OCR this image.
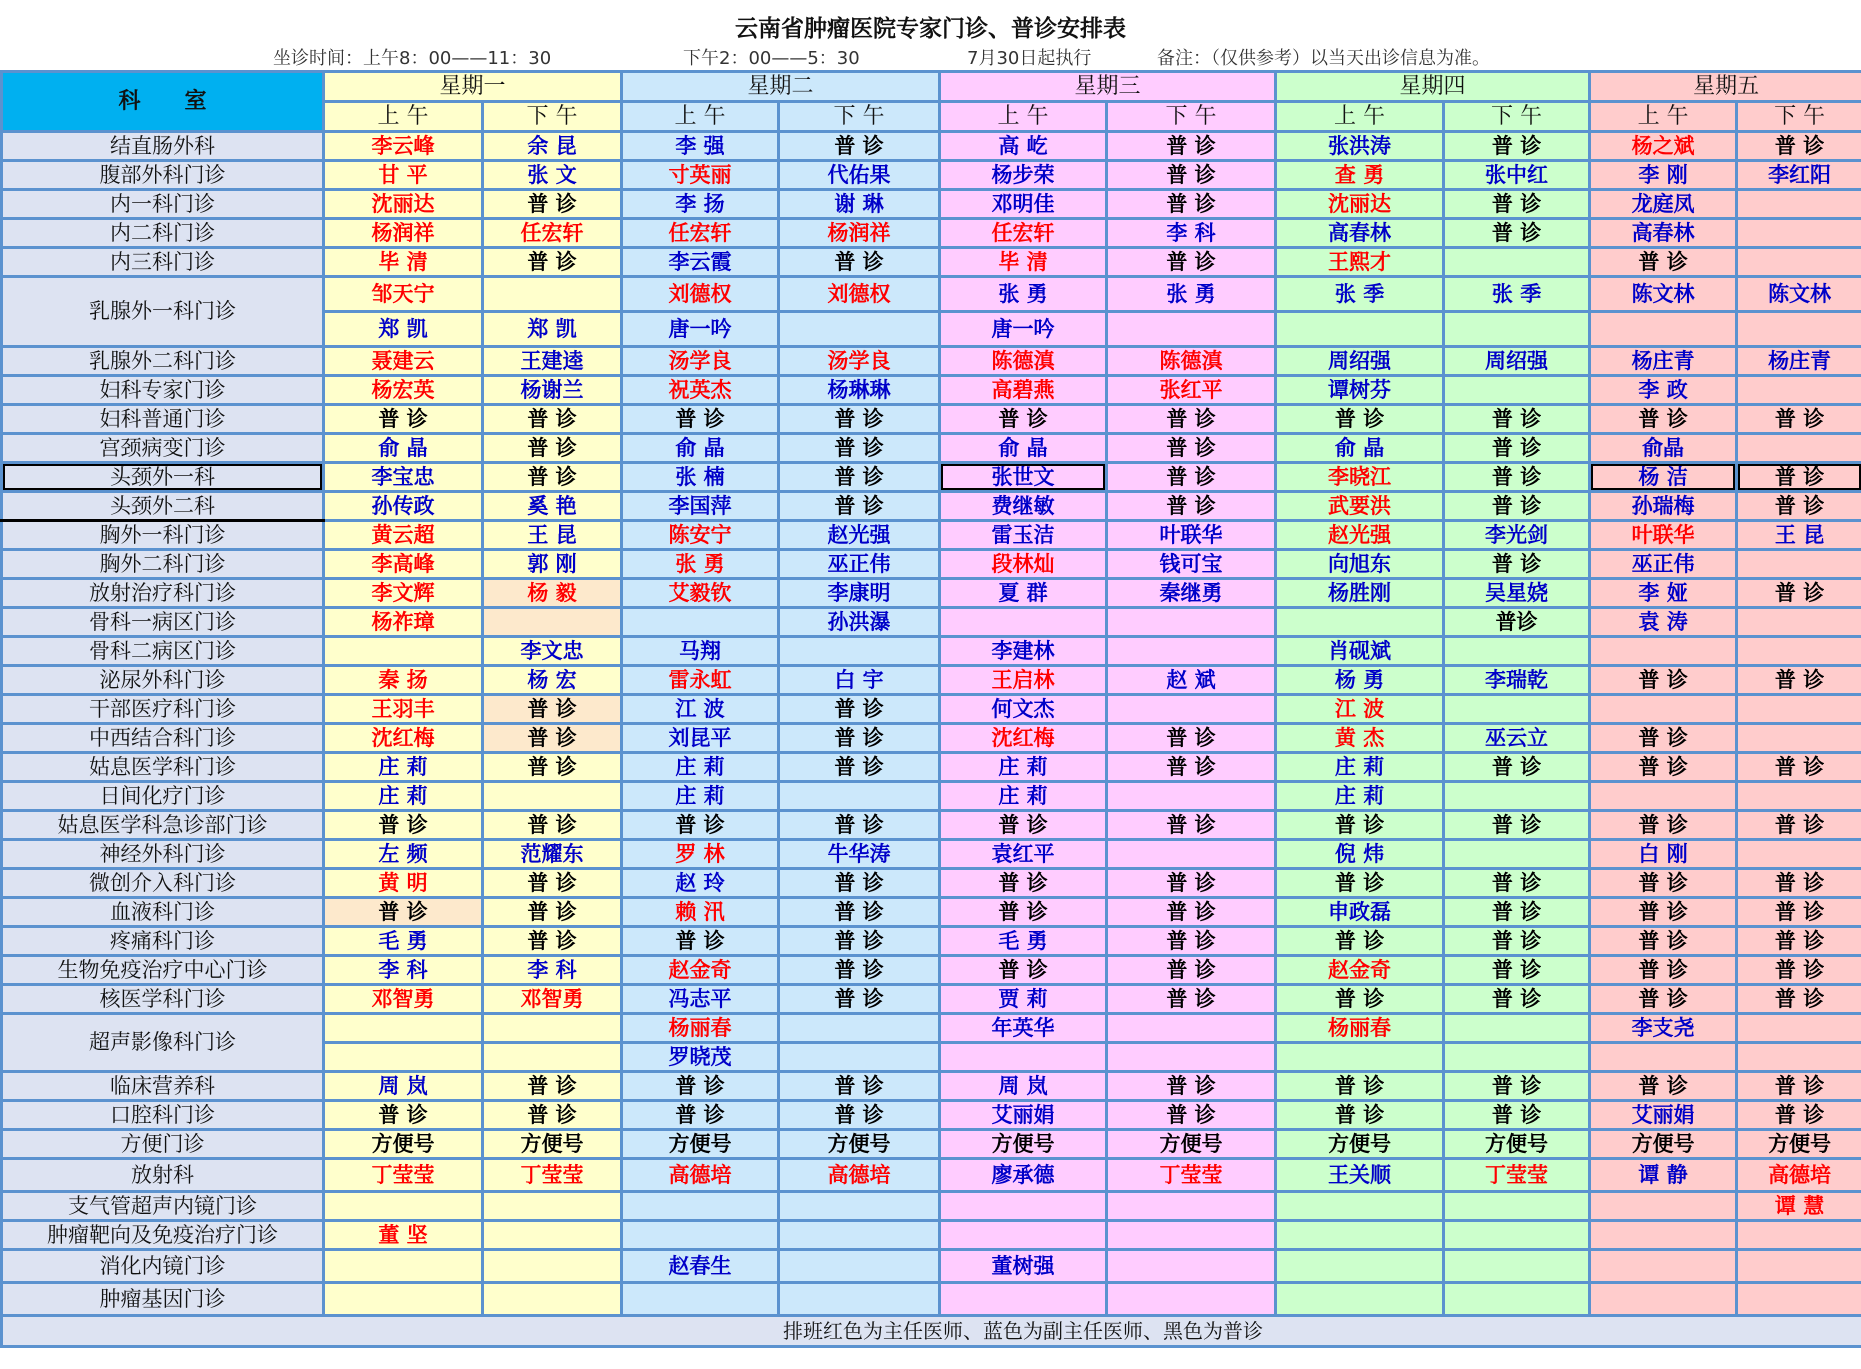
云南省肿瘤医院专家门诊、普诊安排表
坐诊时间：上午8：00——11：30	下午2：00——5：30	7月30日起执行	备注：（仅供参考）以当天出诊信息为准。
科　　室	星期一		星期二		星期三		星期四		星期五	
	上 午	下 午	上 午	下 午	上 午	下 午	上 午	下 午	上 午	下 午
结直肠外科	李云峰	余 昆	李 强	普 诊	高 屹	普 诊	张洪涛	普 诊	杨之斌	普 诊
腹部外科门诊	甘 平	张 文	寸英丽	代佑果	杨步荣	普 诊	查 勇	张中红	李 刚	李红阳
内一科门诊	沈丽达	普 诊	李 扬	谢 琳	邓明佳	普 诊	沈丽达	普 诊	龙庭凤	
内二科门诊	杨润祥	任宏轩	任宏轩	杨润祥	任宏轩	李 科	高春林	普 诊	高春林	
内三科门诊	毕 清	普 诊	李云霞	普 诊	毕 清	普 诊	王熙才		普 诊	
乳腺外一科门诊	邹天宁		刘德权	刘德权	张 勇	张 勇	张 季	张 季	陈文林	陈文林
	郑 凯	郑 凯	唐一吟		唐一吟					
乳腺外二科门诊	聂建云	王建逵	汤学良	汤学良	陈德滇	陈德滇	周绍强	周绍强	杨庄青	杨庄青
妇科专家门诊	杨宏英	杨谢兰	祝英杰	杨琳琳	高碧燕	张红平	谭树芬		李 政	
妇科普通门诊	普 诊	普 诊	普 诊	普 诊	普 诊	普 诊	普 诊	普 诊	普 诊	普 诊
宫颈病变门诊	俞 晶	普 诊	俞 晶	普 诊	俞 晶	普 诊	俞 晶	普 诊	俞晶	
头颈外一科	李宝忠	普 诊	张 楠	普 诊	张世文	普 诊	李晓江	普 诊	杨 洁	普 诊
头颈外二科	孙传政	奚 艳	李国萍	普 诊	费继敏	普 诊	武要洪	普 诊	孙瑞梅	普 诊
胸外一科门诊	黄云超	王 昆	陈安宁	赵光强	雷玉洁	叶联华	赵光强	李光剑	叶联华	王 昆
胸外二科门诊	李高峰	郭 刚	张 勇	巫正伟	段林灿	钱可宝	向旭东	普 诊	巫正伟	
放射治疗科门诊	李文辉	杨 毅	艾毅钦	李康明	夏 群	秦继勇	杨胜刚	吴星娆	李 娅	普 诊
骨科一病区门诊	杨祚璋			孙洪瀑				普诊	袁 涛	
骨科二病区门诊		李文忠	马翔		李建林		肖砚斌			
泌尿外科门诊	秦 扬	杨 宏	雷永虹	白 宇	王启林	赵 斌	杨 勇	李瑞乾	普 诊	普 诊
干部医疗科门诊	王羽丰	普 诊	江 波	普 诊	何文杰		江 波			
中西结合科门诊	沈红梅	普 诊	刘昆平	普 诊	沈红梅	普 诊	黄 杰	巫云立	普 诊	
姑息医学科门诊	庄 莉	普 诊	庄 莉	普 诊	庄 莉	普 诊	庄 莉	普 诊	普 诊	普 诊
日间化疗门诊	庄 莉		庄 莉		庄 莉		庄 莉			
姑息医学科急诊部门诊	普 诊	普 诊	普 诊	普 诊	普 诊	普 诊	普 诊	普 诊	普 诊	普 诊
神经外科门诊	左 频	范耀东	罗 林	牛华涛	袁红平		倪 炜		白 刚	
微创介入科门诊	黄 明	普 诊	赵 玲	普 诊	普 诊	普 诊	普 诊	普 诊	普 诊	普 诊
血液科门诊	普 诊	普 诊	赖 汛	普 诊	普 诊	普 诊	申政磊	普 诊	普 诊	普 诊
疼痛科门诊	毛 勇	普 诊	普 诊	普 诊	毛 勇	普 诊	普 诊	普 诊	普 诊	普 诊
生物免疫治疗中心门诊	李 科	李 科	赵金奇	普 诊	普 诊	普 诊	赵金奇	普 诊	普 诊	普 诊
核医学科门诊	邓智勇	邓智勇	冯志平	普 诊	贾 莉	普 诊	普 诊	普 诊	普 诊	普 诊
超声影像科门诊			杨丽春		年英华		杨丽春		李支尧	
			罗晓茂							
临床营养科	周 岚	普 诊	普 诊	普 诊	周 岚	普 诊	普 诊	普 诊	普 诊	普 诊
口腔科门诊	普 诊	普 诊	普 诊	普 诊	艾丽娟	普 诊	普 诊	普 诊	艾丽娟	普 诊
方便门诊	方便号	方便号	方便号	方便号	方便号	方便号	方便号	方便号	方便号	方便号
放射科	丁莹莹	丁莹莹	高德培	高德培	廖承德	丁莹莹	王关顺	丁莹莹	谭 静	高德培
支气管超声内镜门诊										谭 慧
肿瘤靶向及免疫治疗门诊	董 坚									
消化内镜门诊			赵春生		董树强					
肿瘤基因门诊										
排班红色为主任医师、蓝色为副主任医师、黑色为普诊										
